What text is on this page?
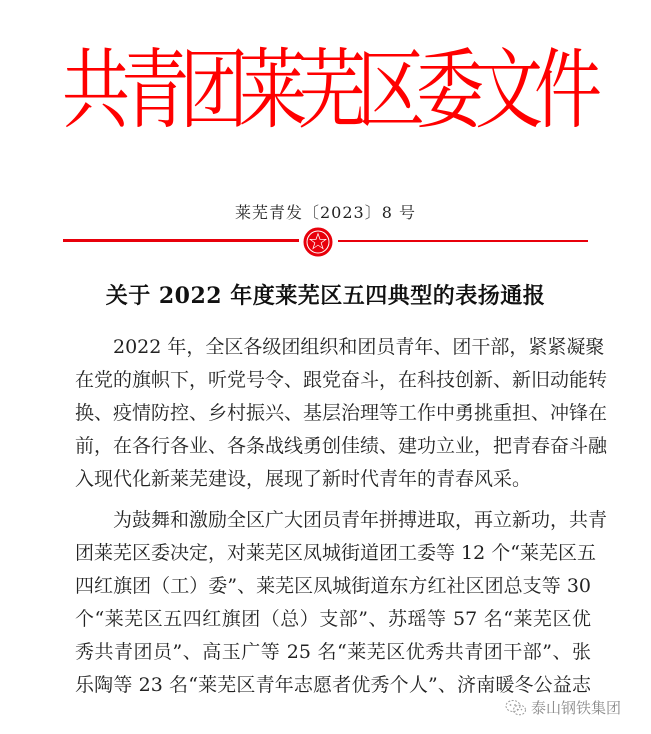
共
青
团
莱
芜
区
委
文
件
莱芜青发〔2023〕8 号
关于 2022 年度莱芜区五四典型的表扬通报
　　2022 年，全区各级团组织和团员青年、团干部，紧紧凝聚
在党的旗帜下，听党号令、跟党奋斗，在科技创新、新旧动能转
换、疫情防控、乡村振兴、基层治理等工作中勇挑重担、冲锋在
前，在各行各业、各条战线勇创佳绩、建功立业，把青春奋斗融
入现代化新莱芜建设，展现了新时代青年的青春风采。
　　为鼓舞和激励全区广大团员青年拼搏进取，再立新功，共青
团莱芜区委决定，对莱芜区凤城街道团工委等 12 个“莱芜区五
四红旗团（工）委”、莱芜区凤城街道东方红社区团总支等 30
个“莱芜区五四红旗团（总）支部”、苏瑶等 57 名“莱芜区优
秀共青团员”、高玉广等 25 名“莱芜区优秀共青团干部”、张
乐陶等 23 名“莱芜区青年志愿者优秀个人”、济南暖冬公益志
泰山钢铁集团
